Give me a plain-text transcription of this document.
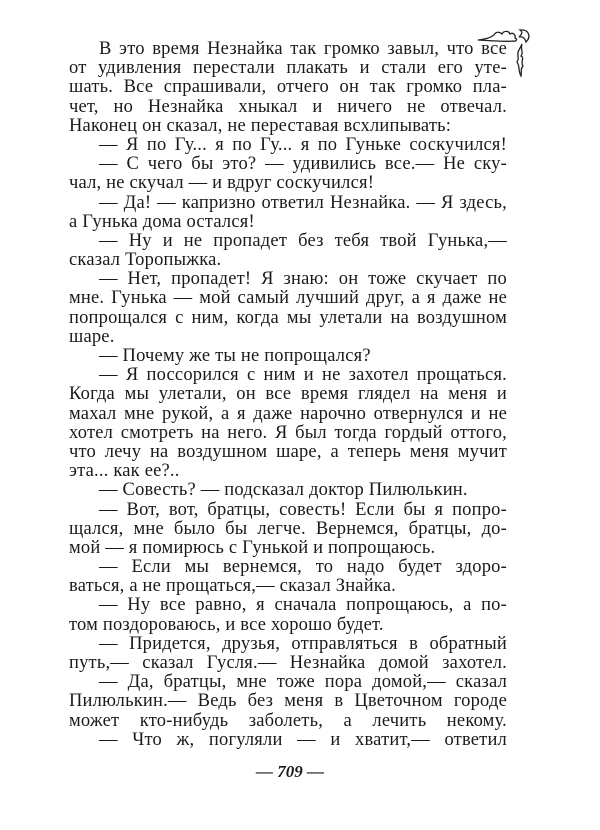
В это время Незнайка так громко завыл, что все
от удивления перестали плакать и стали его уте-
шать. Все спрашивали, отчего он так громко пла-
чет, но Незнайка хныкал и ничего не отвечал.
Наконец он сказал, не переставая всхлипывать:
— Я по Гу... я по Гу... я по Гуньке соскучился!
— С чего бы это? — удивились все.— Не ску-
чал, не скучал — и вдруг соскучился!
— Да! — капризно ответил Незнайка. — Я здесь,
а Гунька дома остался!
— Ну и не пропадет без тебя твой Гунька,—
сказал Торопыжка.
— Нет, пропадет! Я знаю: он тоже скучает по
мне. Гунька — мой самый лучший друг, а я даже не
попрощался с ним, когда мы улетали на воздушном
шаре.
— Почему же ты не попрощался?
— Я поссорился с ним и не захотел прощаться.
Когда мы улетали, он все время глядел на меня и
махал мне рукой, а я даже нарочно отвернулся и не
хотел смотреть на него. Я был тогда гордый оттого,
что лечу на воздушном шаре, а теперь меня мучит
эта... как ее?..
— Совесть? — подсказал доктор Пилюлькин.
— Вот, вот, братцы, совесть! Если бы я попро-
щался, мне было бы легче. Вернемся, братцы, до-
мой — я помирюсь с Гунькой и попрощаюсь.
— Если мы вернемся, то надо будет здоро-
ваться, а не прощаться,— сказал Знайка.
— Ну все равно, я сначала попрощаюсь, а по-
том поздороваюсь, и все хорошо будет.
— Придется, друзья, отправляться в обратный
путь,— сказал Гусля.— Незнайка домой захотел.
— Да, братцы, мне тоже пора домой,— сказал
Пилюлькин.— Ведь без меня в Цветочном городе
может кто-нибудь заболеть, а лечить некому.
— Что ж, погуляли — и хватит,— ответил
— 709 —
